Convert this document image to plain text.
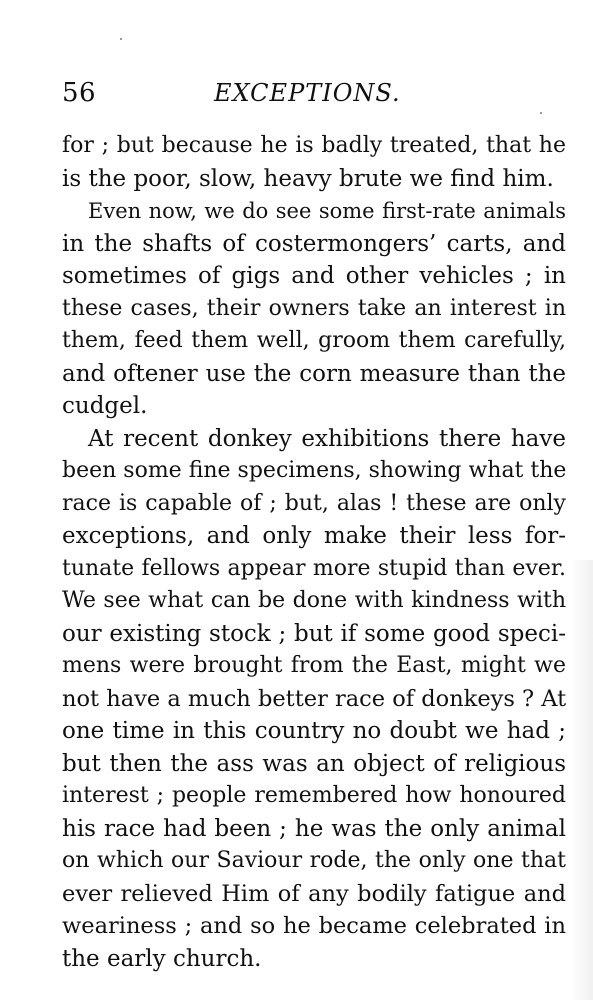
56	EXCEPTIONS.
for ; but because he is badly treated, that he
is the poor, slow, heavy brute we find him.
Even now, we do see some first-rate animals
in the shafts of costermongers’ carts, and
sometimes of gigs and other vehicles ; in
these cases, their owners take an interest in
them, feed them well, groom them carefully,
and oftener use the corn measure than the
cudgel.
At recent donkey exhibitions there have
been some fine specimens, showing what the
race is capable of ; but, alas ! these are only
exceptions, and only make their less for-
tunate fellows appear more stupid than ever.
We see what can be done with kindness with
our existing stock ; but if some good speci-
mens were brought from the East, might we
not have a much better race of donkeys ? At
one time in this country no doubt we had ;
but then the ass was an object of religious
interest ; people remembered how honoured
his race had been ; he was the only animal
on which our Saviour rode, the only one that
ever relieved Him of any bodily fatigue and
weariness ; and so he became celebrated in
the early church.
